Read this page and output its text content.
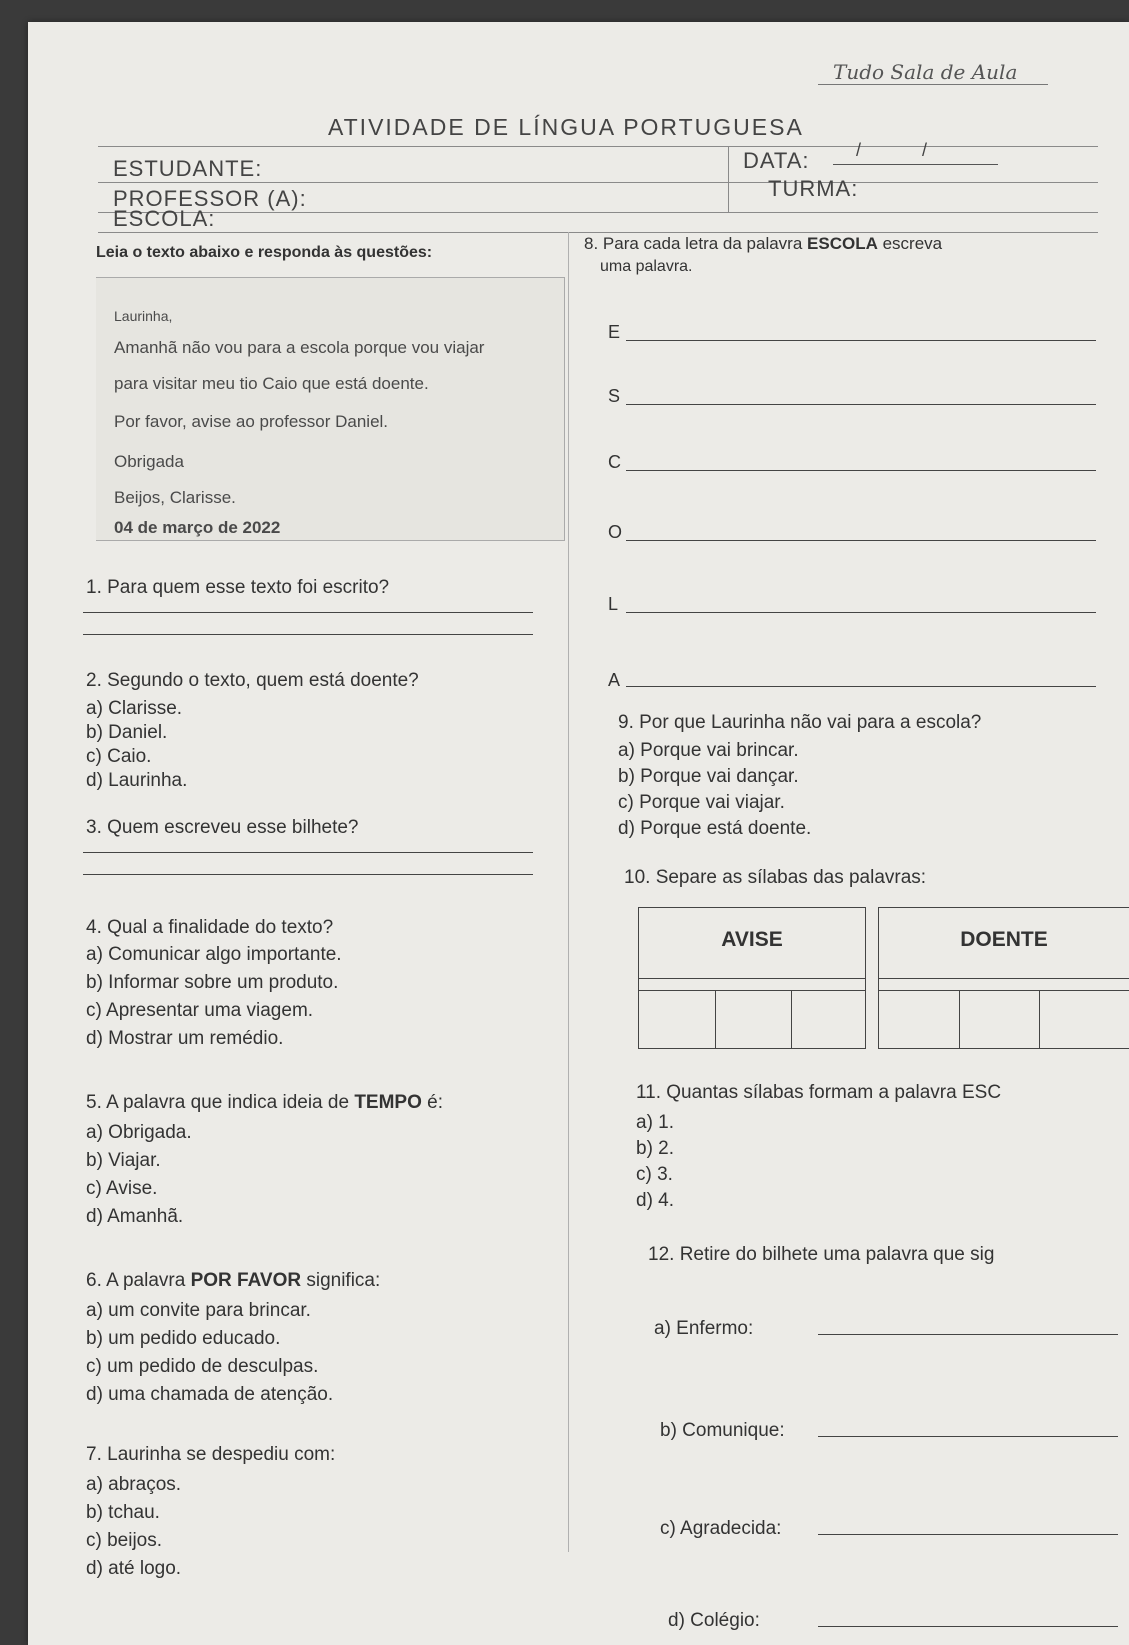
Tudo Sala de Aula
ATIVIDADE DE LÍNGUA PORTUGUESA
ESTUDANTE:	DATA:	/          /
PROFESSOR (A):	TURMA:
ESCOLA:
Leia o texto abaixo e responda às questões:
Laurinha,
Amanhã não vou para a escola porque vou viajar
para visitar meu tio Caio que está doente.
Por favor, avise ao professor Daniel.
Obrigada
Beijos, Clarisse.
04 de março de 2022
1. Para quem esse texto foi escrito?
2. Segundo o texto, quem está doente?
a) Clarisse.
b) Daniel.
c) Caio.
d) Laurinha.
3. Quem escreveu esse bilhete?
4. Qual a finalidade do texto?
a) Comunicar algo importante.
b) Informar sobre um produto.
c) Apresentar uma viagem.
d) Mostrar um remédio.
5. A palavra que indica ideia de TEMPO é:
a) Obrigada.
b) Viajar.
c) Avise.
d) Amanhã.
6. A palavra POR FAVOR significa:
a) um convite para brincar.
b) um pedido educado.
c) um pedido de desculpas.
d) uma chamada de atenção.
7. Laurinha se despediu com:
a) abraços.
b) tchau.
c) beijos.
d) até logo.
8. Para cada letra da palavra ESCOLA escreva
uma palavra.
E
S
C
O
L
A
9. Por que Laurinha não vai para a escola?
a) Porque vai brincar.
b) Porque vai dançar.
c) Porque vai viajar.
d) Porque está doente.
10. Separe as sílabas das palavras:
AVISE	DOENTE
11. Quantas sílabas formam a palavra ESC
a) 1.
b) 2.
c) 3.
d) 4.
12. Retire do bilhete uma palavra que sig
a) Enfermo:
b) Comunique:
c) Agradecida:
d) Colégio:
